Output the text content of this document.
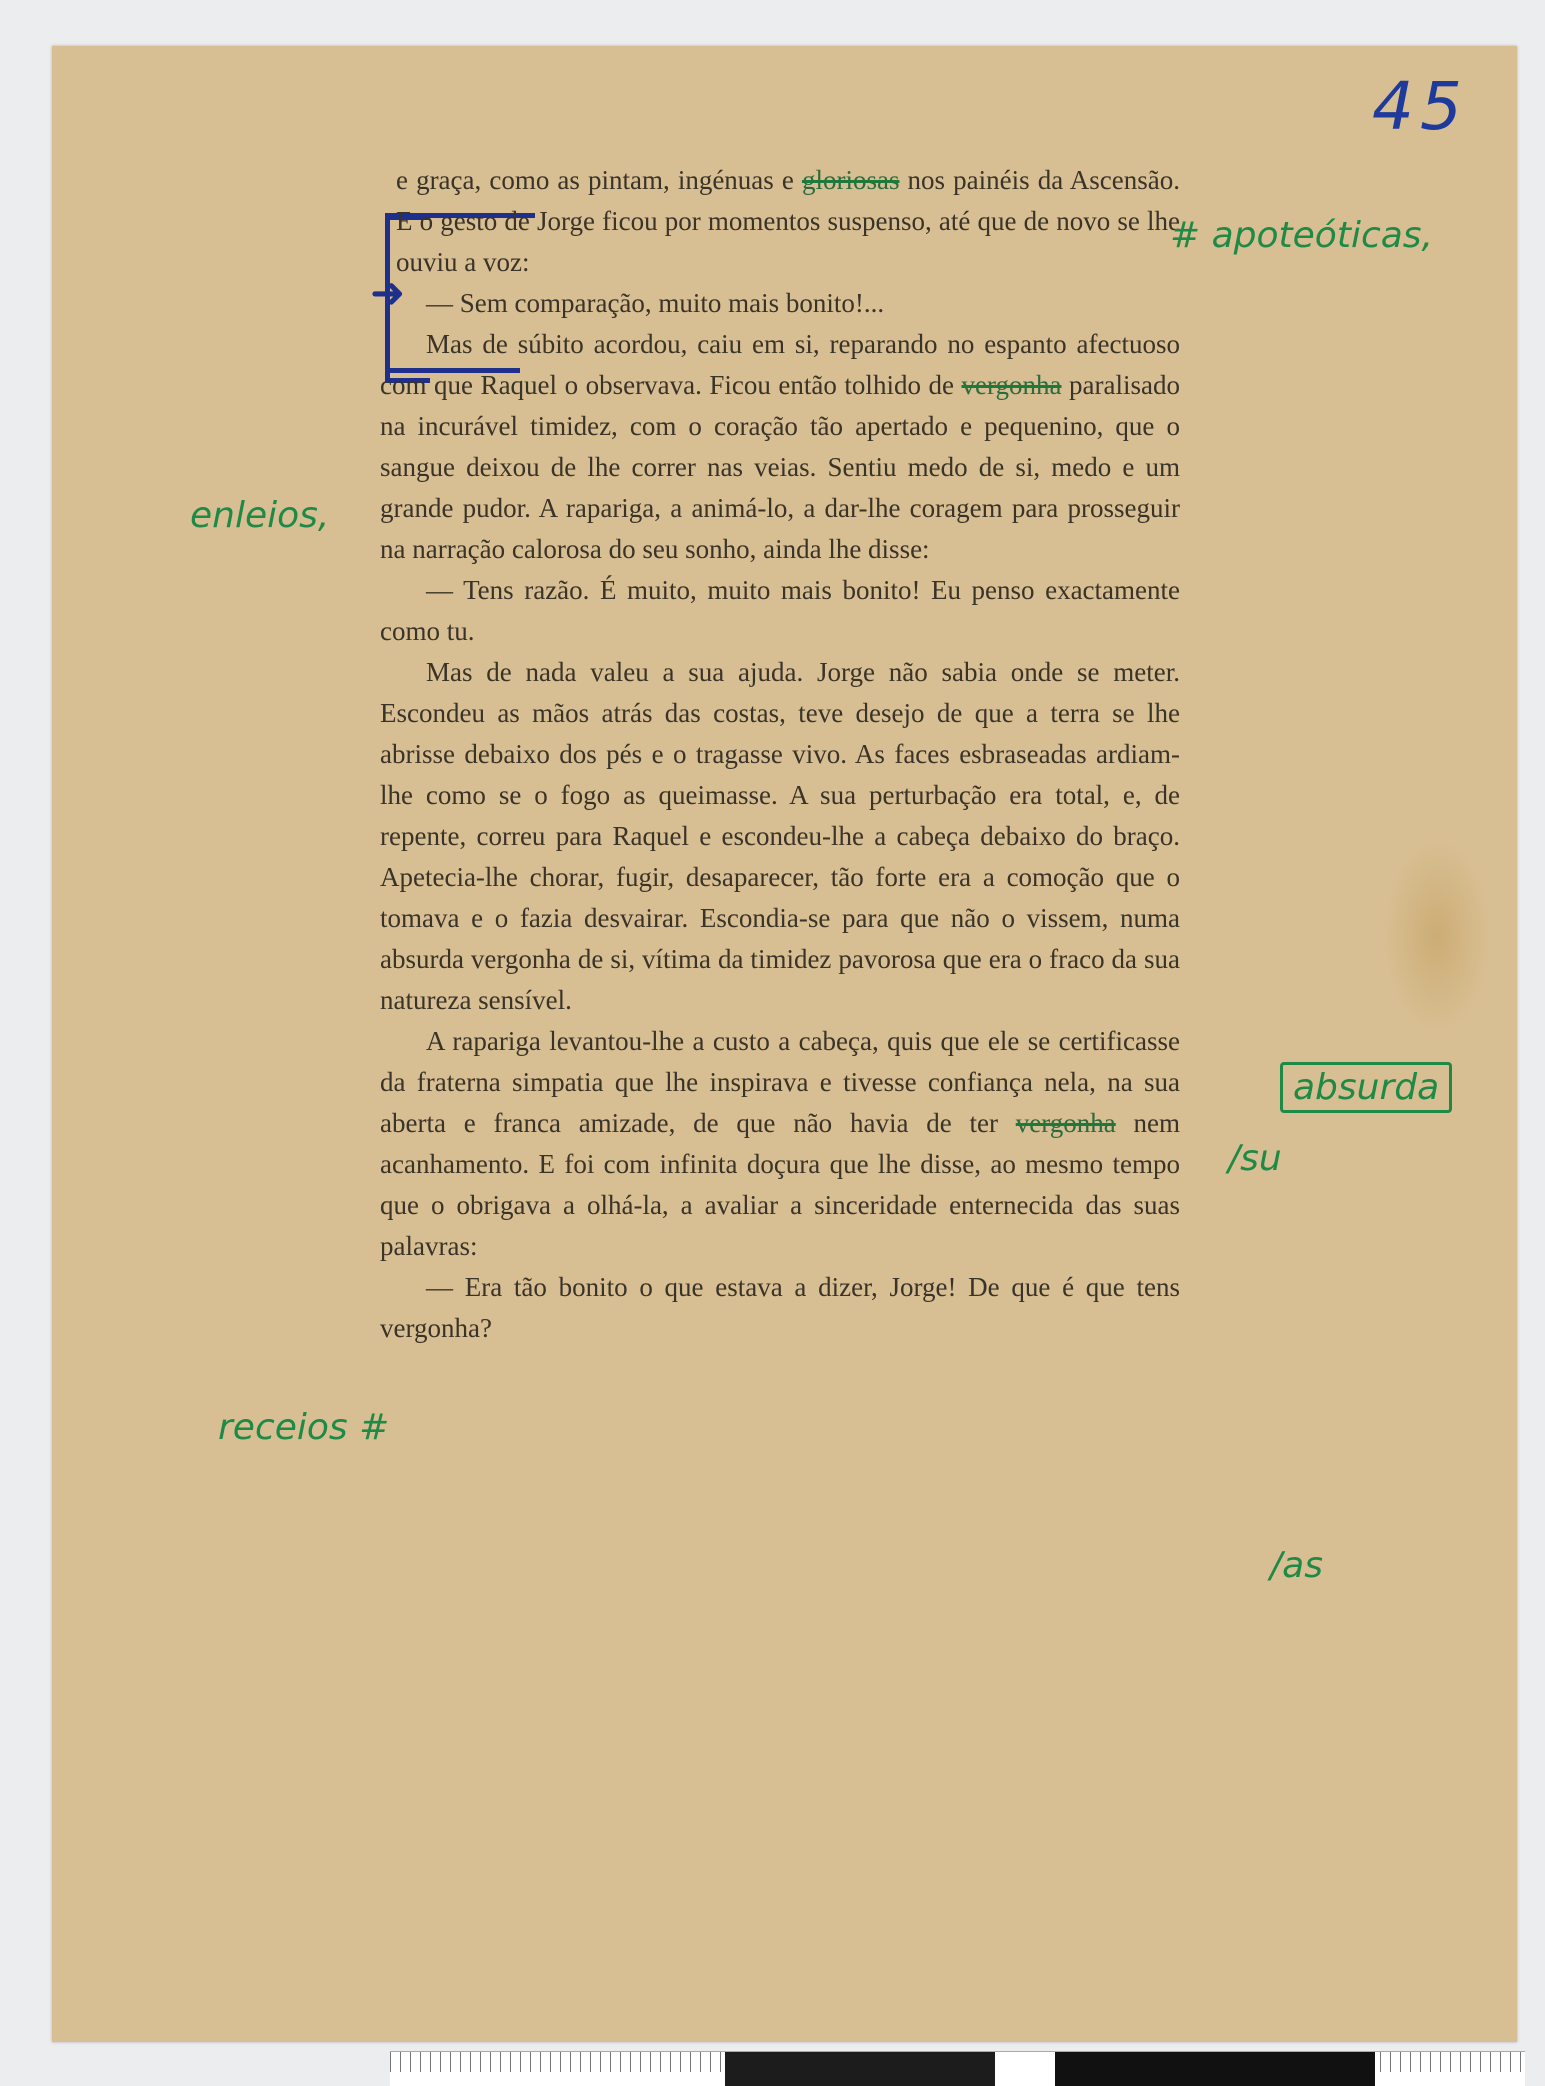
45
➜

e graça, como as pintam, ingénuas e gloriosas nos painéis da Ascensão. E o gesto de Jorge ficou por momentos suspenso, até que de novo se lhe ouviu a voz:

— Sem comparação, muito mais bonito!...

Mas de súbito acordou, caiu em si, reparando no espanto afectuoso com que Raquel o observava. Ficou então tolhido de vergonha paralisado na incurável timidez, com o coração tão apertado e pequenino, que o sangue deixou de lhe correr nas veias. Sentiu medo de si, medo e um grande pudor. A rapariga, a animá-lo, a dar-lhe coragem para prosseguir na narração calorosa do seu sonho, ainda lhe disse:

— Tens razão. É muito, muito mais bonito! Eu penso exactamente como tu.

Mas de nada valeu a sua ajuda. Jorge não sabia onde se meter. Escondeu as mãos atrás das costas, teve desejo de que a terra se lhe abrisse debaixo dos pés e o tragasse vivo. As faces esbraseadas ardiam-lhe como se o fogo as queimasse. A sua perturbação era total, e, de repente, correu para Raquel e escondeu-lhe a cabeça debaixo do braço. Apetecia-lhe chorar, fugir, desaparecer, tão forte era a comoção que o tomava e o fazia desvairar. Escondia-se para que não o vissem, numa absurda vergonha de si, vítima da timidez pavorosa que era o fraco da sua natureza sensível.

A rapariga levantou-lhe a custo a cabeça, quis que ele se certificasse da fraterna simpatia que lhe inspirava e tivesse confiança nela, na sua aberta e franca amizade, de que não havia de ter vergonha nem acanhamento. E foi com infinita doçura que lhe disse, ao mesmo tempo que o obrigava a olhá-la, a avaliar a sinceridade enternecida das suas palavras:

— Era tão bonito o que estava a dizer, Jorge! De que é que tens vergonha?

# apoteóticas,
enleios,
absurda
/su
receios #
/as
